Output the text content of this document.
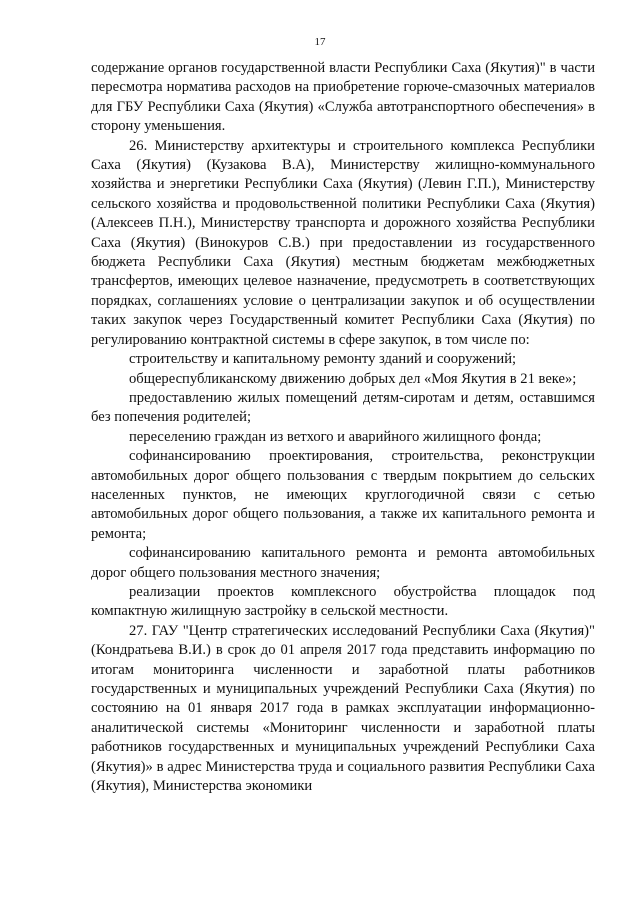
17

содержание органов государственной власти Республики Саха (Якутия)" в части пересмотра норматива расходов на приобретение горюче-смазочных материалов для ГБУ Республики Саха (Якутия) «Служба автотранспортного обеспечения» в сторону уменьшения.

26. Министерству архитектуры и строительного комплекса Республики Саха (Якутия) (Кузакова В.А), Министерству жилищно-коммунального хозяйства и энергетики Республики Саха (Якутия) (Левин Г.П.), Министерству сельского хозяйства и продовольственной политики Республики Саха (Якутия) (Алексеев П.Н.), Министерству транспорта и дорожного хозяйства Республики Саха (Якутия) (Винокуров С.В.) при предоставлении из государственного бюджета Республики Саха (Якутия) местным бюджетам межбюджетных трансфертов, имеющих целевое назначение, предусмотреть в соответствующих порядках, соглашениях условие о централизации закупок и об осуществлении таких закупок через Государственный комитет Республики Саха (Якутия) по регулированию контрактной системы в сфере закупок, в том числе по:

строительству и капитальному ремонту зданий и сооружений;

общереспубликанскому движению добрых дел «Моя Якутия в 21 веке»;

предоставлению жилых помещений детям-сиротам и детям, оставшимся без попечения родителей;

переселению граждан из ветхого и аварийного жилищного фонда;

софинансированию проектирования, строительства, реконструкции автомобильных дорог общего пользования с твердым покрытием до сельских населенных пунктов, не имеющих круглогодичной связи с сетью автомобильных дорог общего пользования, а также их капитального ремонта и ремонта;

софинансированию капитального ремонта и ремонта автомобильных дорог общего пользования местного значения;

реализации проектов комплексного обустройства площадок под компактную жилищную застройку в сельской местности.

27. ГАУ "Центр стратегических исследований Республики Саха (Якутия)" (Кондратьева В.И.) в срок до 01 апреля 2017 года представить информацию по итогам мониторинга численности и заработной платы работников государственных и муниципальных учреждений Республики Саха (Якутия) по состоянию на 01 января 2017 года в рамках эксплуатации информационно-аналитической системы «Мониторинг численности и заработной платы работников государственных и муниципальных учреждений Республики Саха (Якутия)» в адрес Министерства труда и социального развития Республики Саха (Якутия), Министерства экономики
